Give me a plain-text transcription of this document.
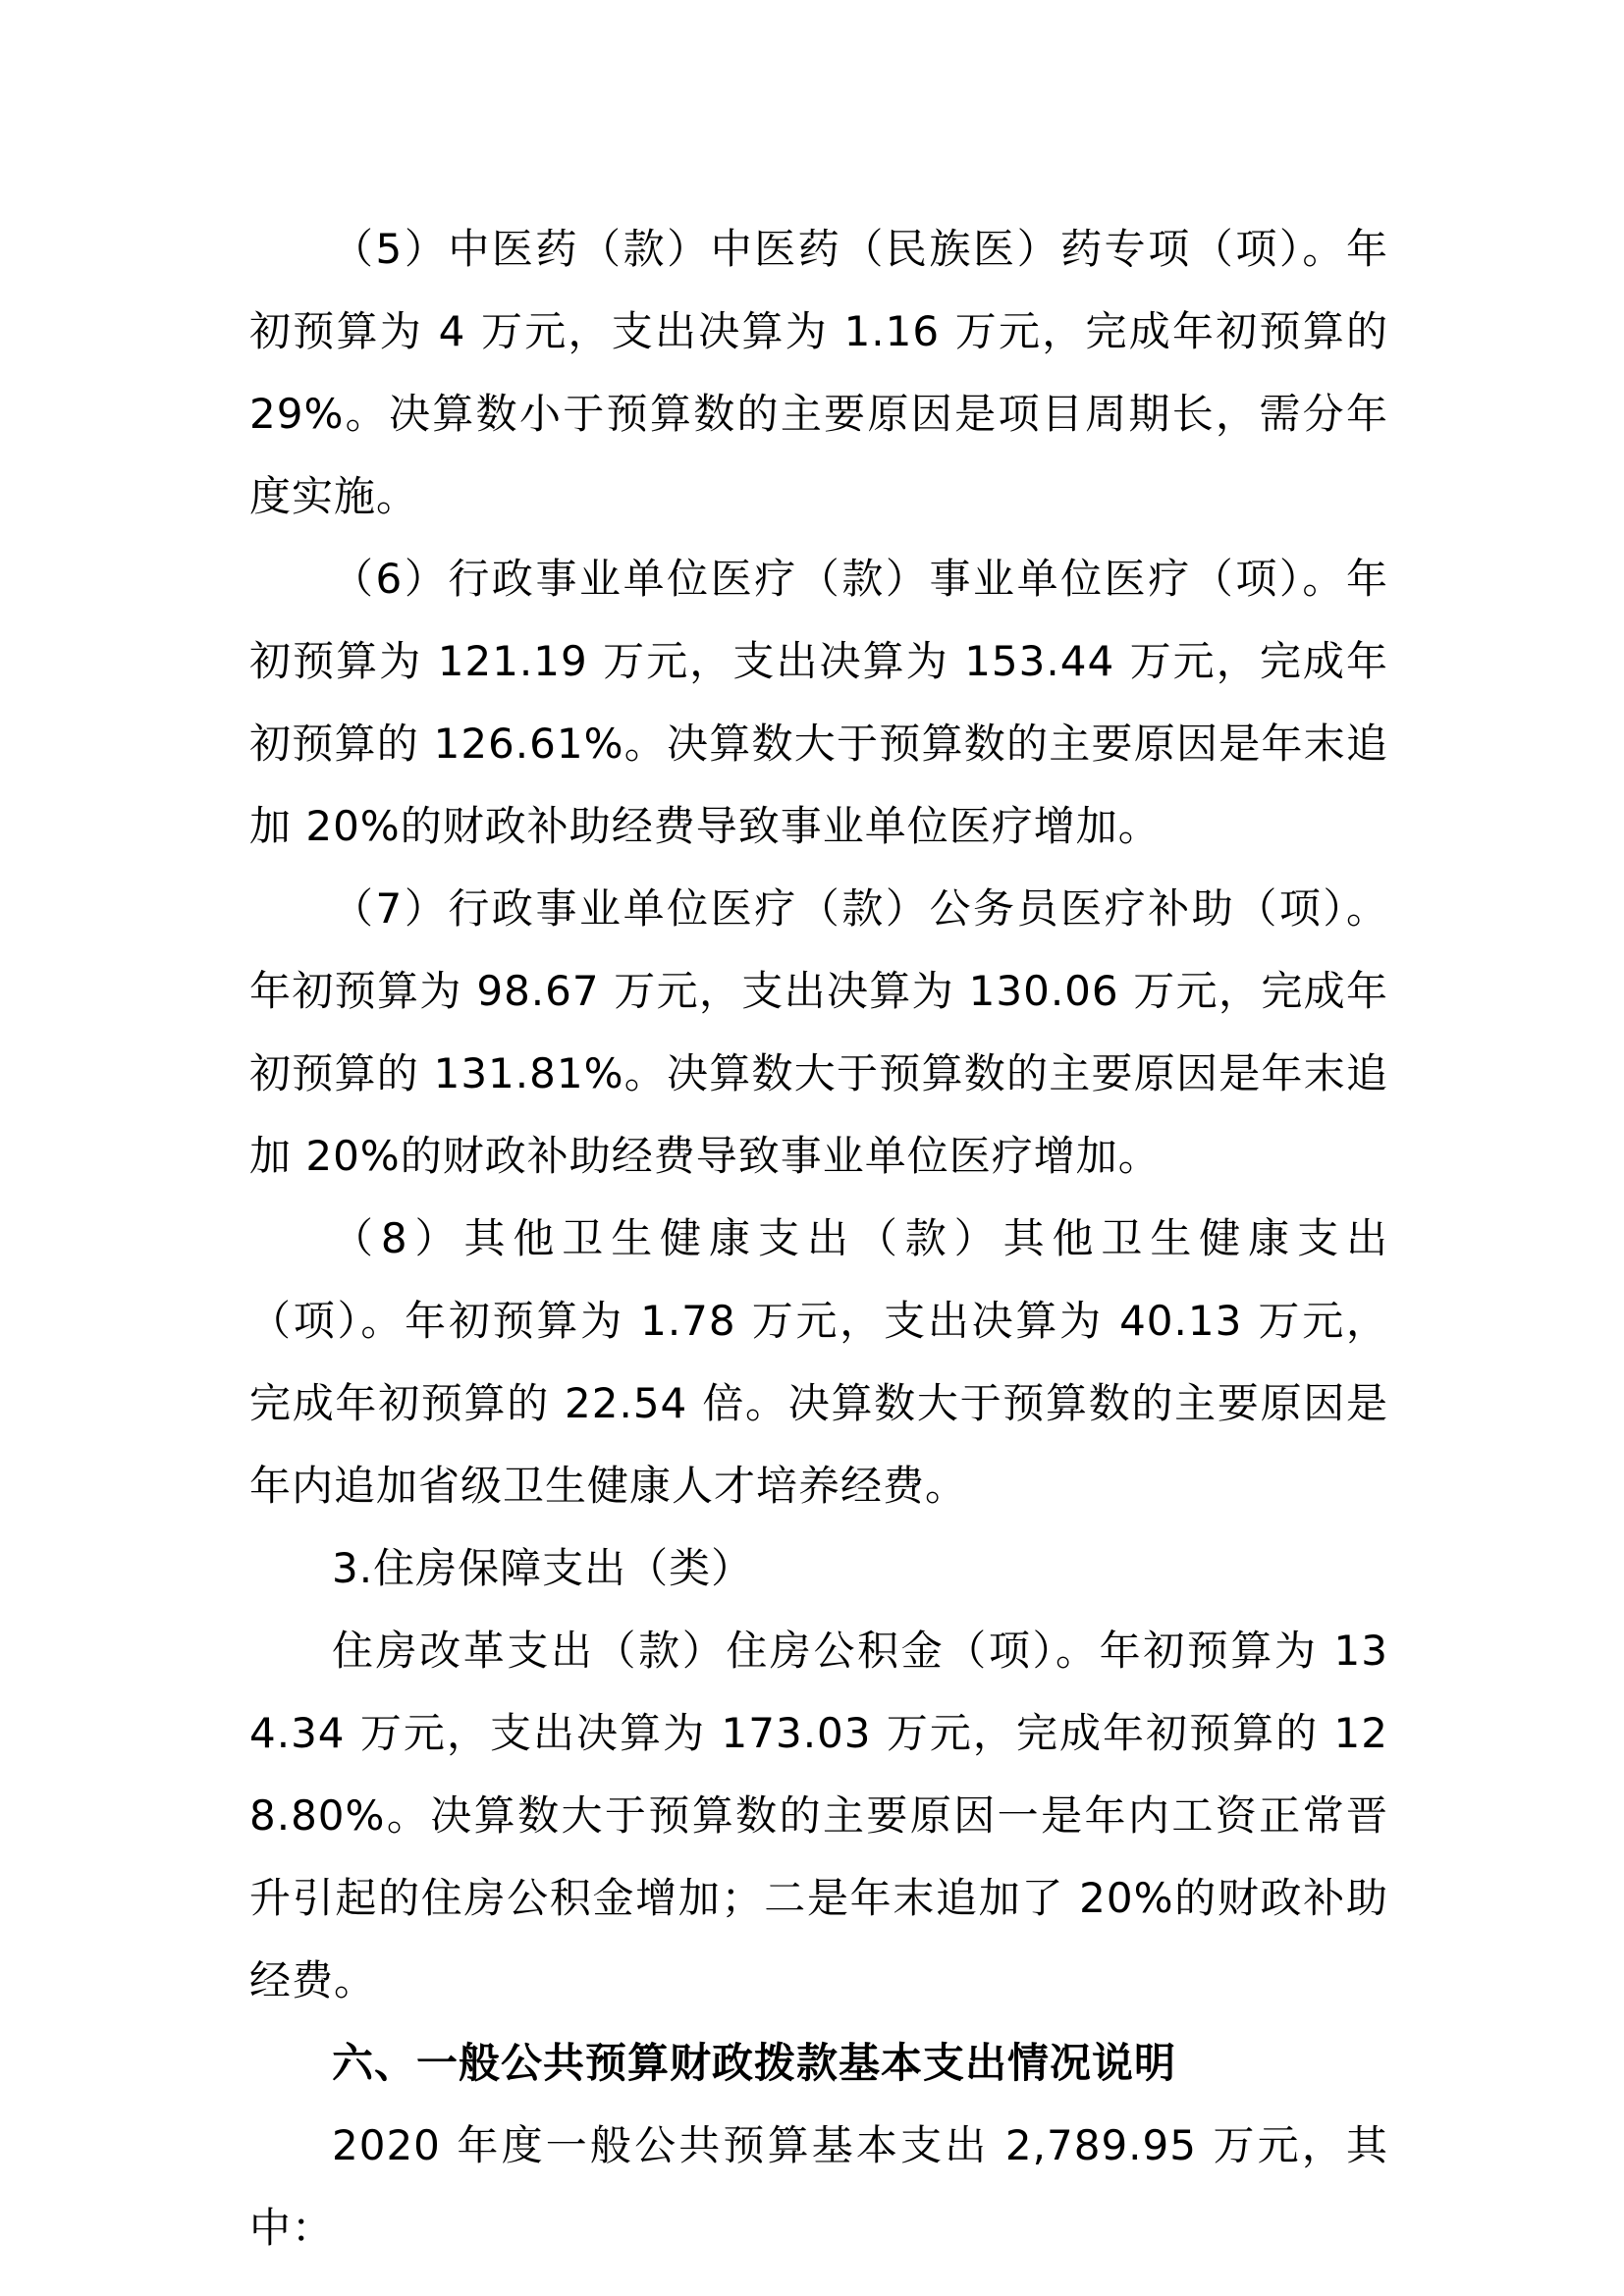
（5）中医药（款）中医药（民族医）药专项（项）。年初预算为 4 万元，支出决算为 1.16 万元，完成年初预算的 29%。决算数小于预算数的主要原因是项目周期长，需分年度实施。

（6）行政事业单位医疗（款）事业单位医疗（项）。年初预算为 121.19 万元，支出决算为 153.44 万元，完成年初预算的 126.61%。决算数大于预算数的主要原因是年末追加 20%的财政补助经费导致事业单位医疗增加。

（7）行政事业单位医疗（款）公务员医疗补助（项）。年初预算为 98.67 万元，支出决算为 130.06 万元，完成年初预算的 131.81%。决算数大于预算数的主要原因是年末追加 20%的财政补助经费导致事业单位医疗增加。

（8）其他卫生健康支出（款）其他卫生健康支出（项）。年初预算为 1.78 万元，支出决算为 40.13 万元，完成年初预算的 22.54 倍。决算数大于预算数的主要原因是年内追加省级卫生健康人才培养经费。

3.住房保障支出（类）

住房改革支出（款）住房公积金（项）。年初预算为 134.34 万元，支出决算为 173.03 万元，完成年初预算的 128.80%。决算数大于预算数的主要原因一是年内工资正常晋升引起的住房公积金增加；二是年末追加了 20%的财政补助经费。

六、一般公共预算财政拨款基本支出情况说明

2020 年度一般公共预算基本支出 2,789.95 万元，其中：
